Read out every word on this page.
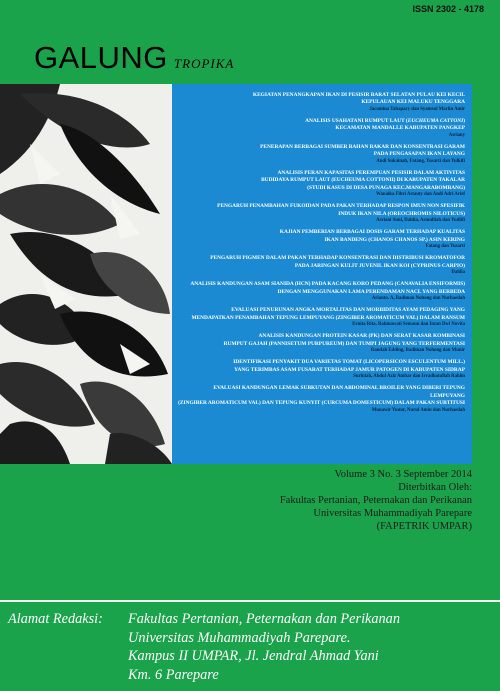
ISSN 2302 - 4178
GALUNG TROPIKA
KEGIATAN PENANGKAPAN IKAN DI PESISIR BARAT SELATAN PULAU KEI KECIL
KEPULAUAN KEI MALUKU TENGGARA
Jacomina Tahapary dan Syamsul Marlin Amir
ANALISIS USAHATANI RUMPUT LAUT (EUCHEUMA CATTONI)
KECAMATAN MANDALLE KABUPATEN PANGKEP
Asriany
PENERAPAN BERBAGAI SUMBER BAHAN BAKAR DAN KONSENTRASI GARAM
PADA PENGASAPAN IKAN LAYANG
Andi Sukainah, Fatang, Yusarti dan Yulkifi
ANALISIS PERAN KAPASITAS PEREMPUAN PESISIR DALAM AKTIVITAS
BUDIDAYA RUMPUT LAUT (EUCHEUMA COTTONII) DI KABUPATEN TAKALAR
(STUDI KASUS DI DESA PUNAGA KEC.MANGARABOMBANG)
Wanaika Fibri Astauty dan Andi Adri Arief
PENGARUH PENAMBAHAN FUKOIDAN PADA PAKAN TERHADAP RESPON IMUN NON SPESIFIK
INDUK IKAN NILA (OREOCHROMIS NILOTICUS)
Asriani Suni, Dahlia, Asmulliah dan Yudlifi
KAJIAN PEMBERIAN BERBAGAI DOSIS GARAM TERHADAP KUALITAS
IKAN BANDENG (CHANOS CHANOS SP.) ASIN KERING
Fatang dan Yusarti
PENGARUH PIGMEN DALAM PAKAN TERHADAP KONSENTRASI DAN DISTRIBUSI KROMATOFOR
PADA JARINGAN KULIT JUVENIL IKAN KOI (CYPRINUS CARPIO)
Dahlia
ANALISIS KANDUNGAN ASAM SIANIDA (HCN) PADA KACANG KORO PEDANG (CANAVALIA ENSIFORMIS)
DENGAN MENGGUNAKAN LAMA PERENDAMAN NACL YANG BERBEDA
Arianto. A, Badiman Nohong dan Nurhaedah
EVALUASI PENURUNAN ANGKA MORTALITAS DAN MORBIDITAS AYAM PEDAGING YANG
MENDAPATKAN PENAMBAHAN TEPUNG LEMPUYANG (ZINGIBER AROMATICUM VAL) DALAM RANSUM
Ernita Rita, Rahmawati Semaun dan Intan Dwi Novita
ANALISIS KANDUNGAN PROTEIN KASAR (PK) DAN SERAT KASAR KOMBINASI
RUMPUT GAJAH (PANNISETUM PURPUREUM) DAN TUMPI JAGUNG YANG TERFERMENTASI
Randah Edding, Badiman Nohong dan Munir
IDENTIFIKASI PENYAKIT DUA VARIETAS TOMAT (LICOPERSICON ESCULENTUM MILL.)
YANG TERIMBAS ASAM FUSARAT TERHADAP JAMUR PATOGEN DI KABUPATEN SIDRAP
Suriniah, Abdul Aziz Ambar dan Irradhatullah Rahim
EVALUASI KANDUNGAN LEMAK SUBKUTAN DAN ABDOMINAL BROILER YANG DIBERI TEPUNG LEMPUYANG
(ZINGIBER AROMATICUM VAL) DAN TEPUNG KUNYIT (CURCUMA DOMESTICUM) DALAM PAKAN SUBTITUSI
Munawir Yunur, Nurul Amin dan Nurhaedah
Volume 3 No. 3 September 2014
Diterbitkan Oleh:
Fakultas Pertanian, Peternakan dan Perikanan
Universitas Muhammadiyah Parepare
(FAPETRIK UMPAR)
Alamat Redaksi: Fakultas Pertanian, Peternakan dan Perikanan
Universitas Muhammadiyah Parepare.
Kampus II UMPAR, Jl. Jendral Ahmad Yani
Km. 6 Parepare
